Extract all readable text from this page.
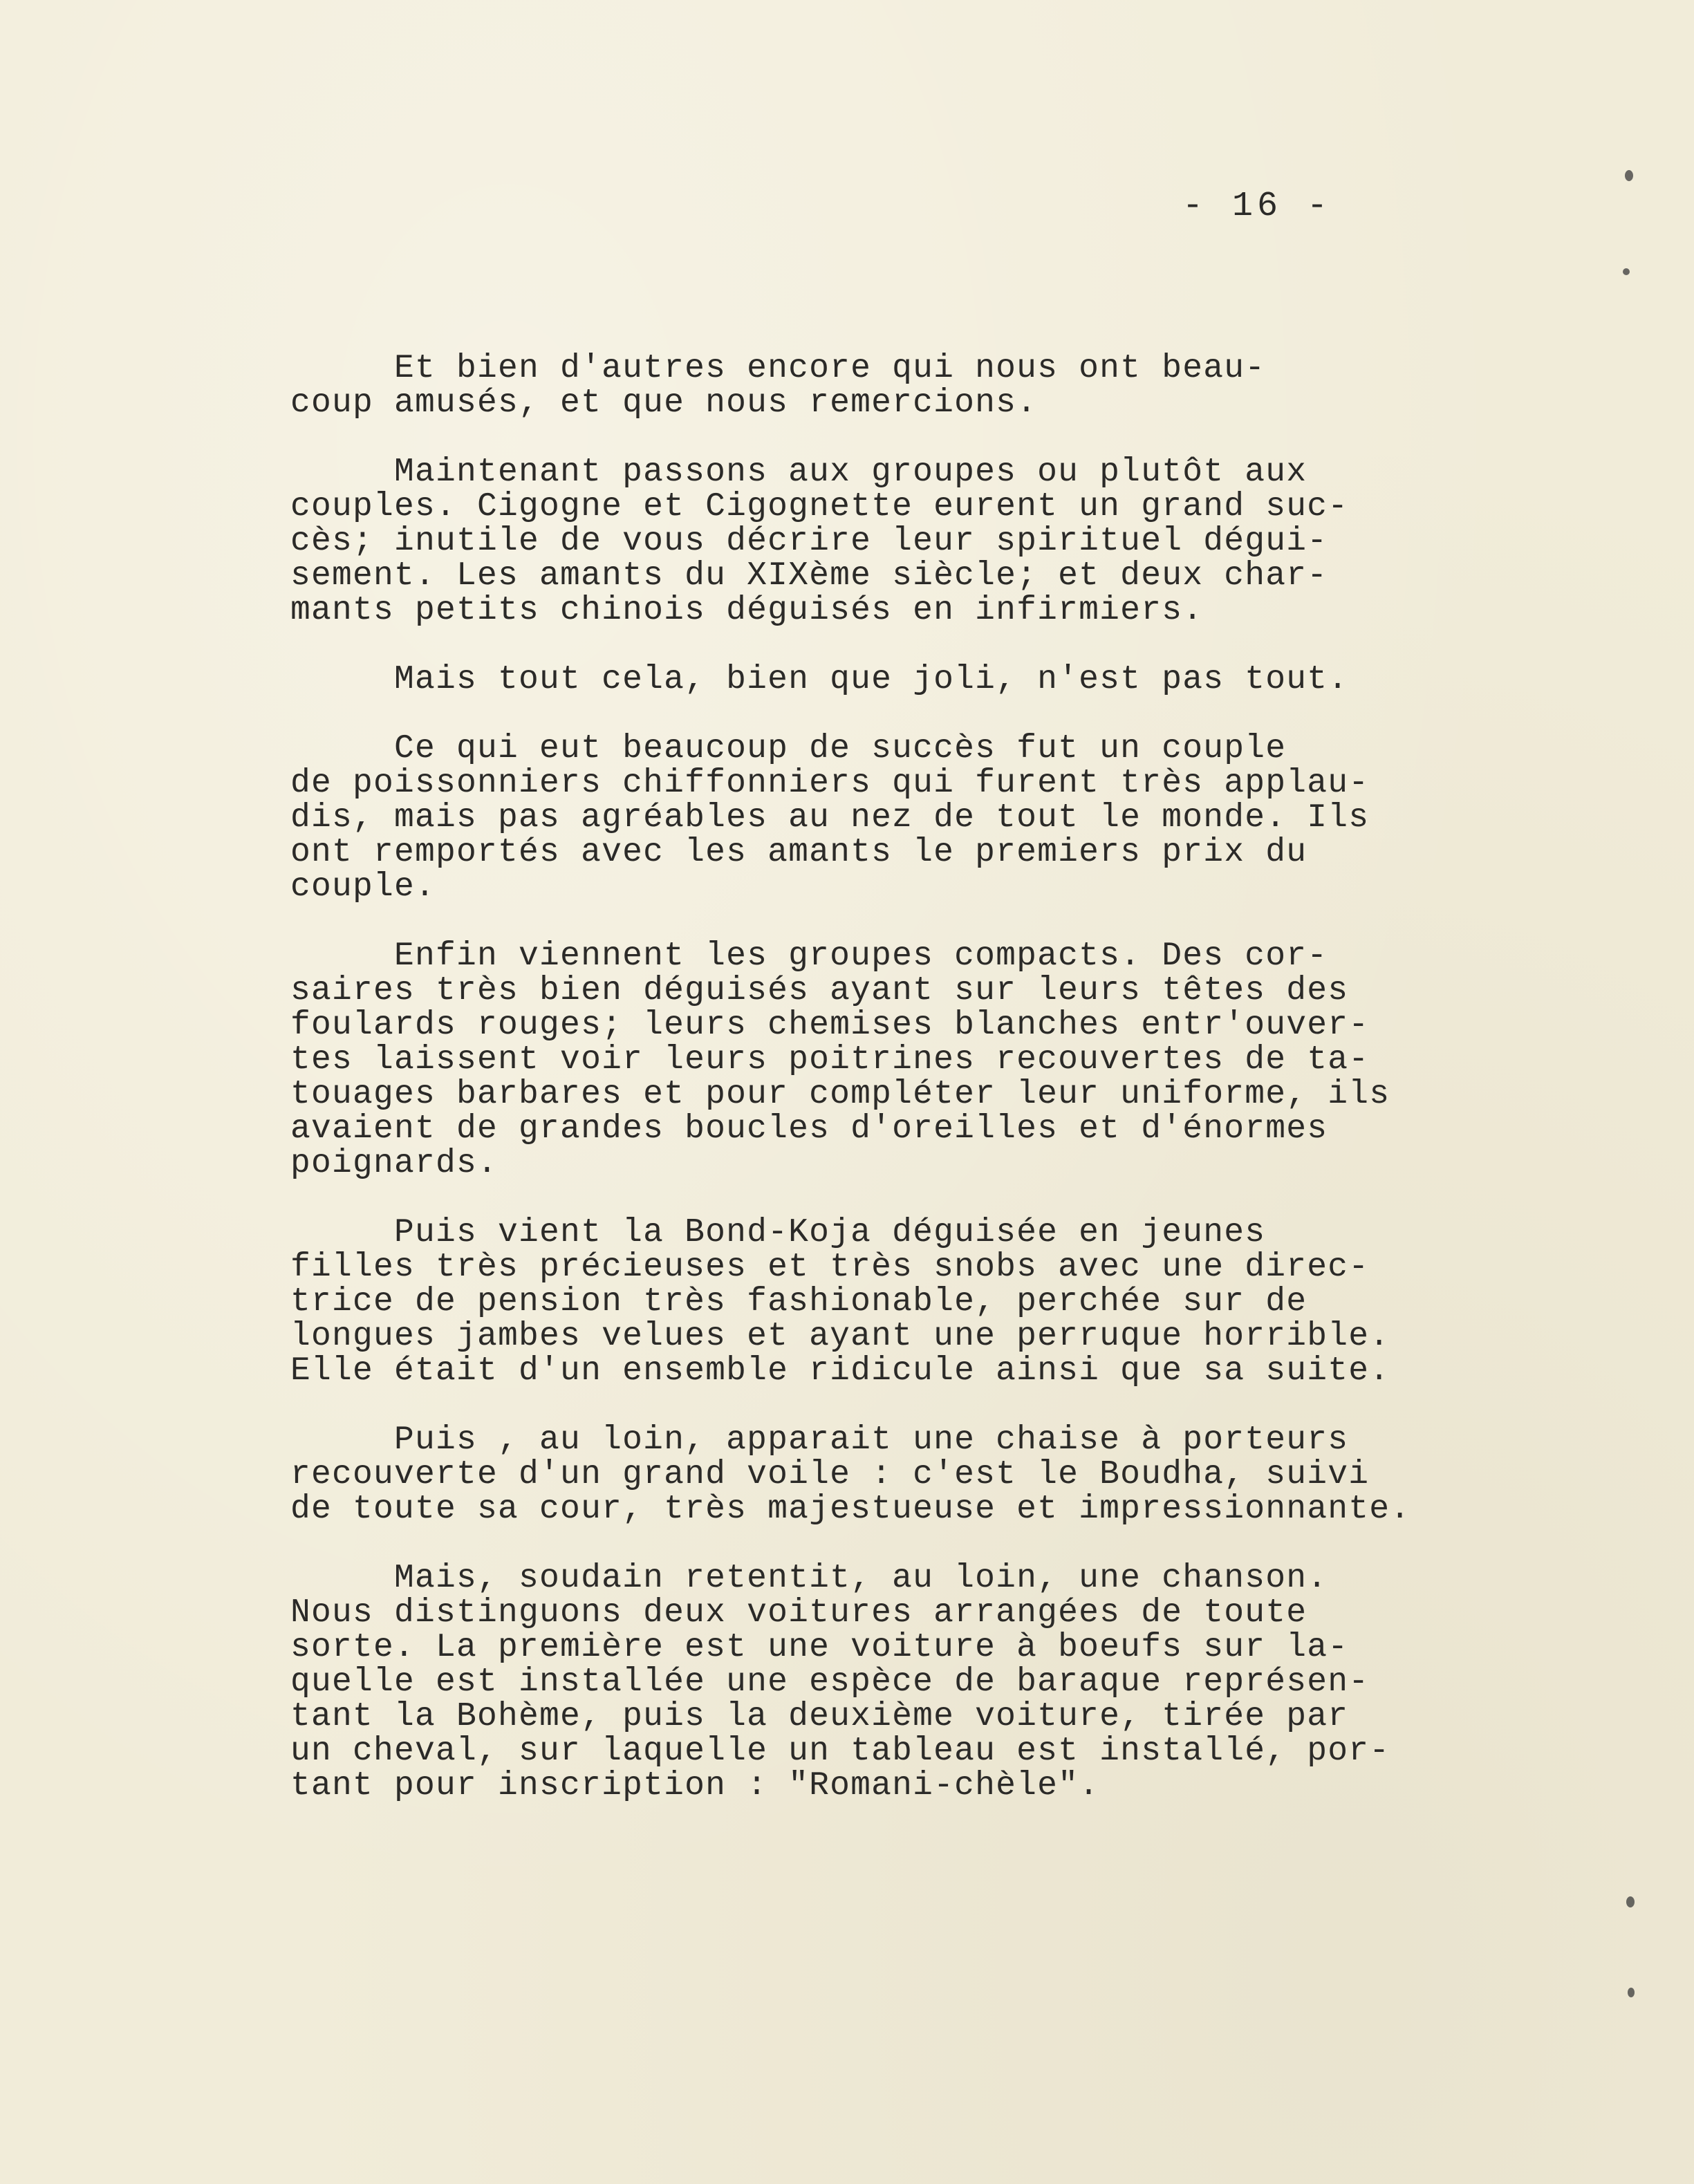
- 16 -
Et bien d'autres encore qui nous ont beau-
coup amusés, et que nous remercions.
Maintenant passons aux groupes ou plutôt aux
couples. Cigogne et Cigognette eurent un grand suc-
cès; inutile de vous décrire leur spirituel dégui-
sement. Les amants du XIXème siècle; et deux char-
mants petits chinois déguisés en infirmiers.
Mais tout cela, bien que joli, n'est pas tout.
Ce qui eut beaucoup de succès fut un couple
de poissonniers chiffonniers qui furent très applau-
dis, mais pas agréables au nez de tout le monde. Ils
ont remportés avec les amants le premiers prix du
couple.
Enfin viennent les groupes compacts. Des cor-
saires très bien déguisés ayant sur leurs têtes des
foulards rouges; leurs chemises blanches entr'ouver-
tes laissent voir leurs poitrines recouvertes de ta-
touages barbares et pour compléter leur uniforme, ils
avaient de grandes boucles d'oreilles et d'énormes
poignards.
Puis vient la Bond-Koja déguisée en jeunes
filles très précieuses et très snobs avec une direc-
trice de pension très fashionable, perchée sur de
longues jambes velues et ayant une perruque horrible.
Elle était d'un ensemble ridicule ainsi que sa suite.
Puis , au loin, apparait une chaise à porteurs
recouverte d'un grand voile : c'est le Boudha, suivi
de toute sa cour, très majestueuse et impressionnante.
Mais, soudain retentit, au loin, une chanson.
Nous distinguons deux voitures arrangées de toute
sorte. La première est une voiture à boeufs sur la-
quelle est installée une espèce de baraque représen-
tant la Bohème, puis la deuxième voiture, tirée par
un cheval, sur laquelle un tableau est installé, por-
tant pour inscription : "Romani-chèle".
